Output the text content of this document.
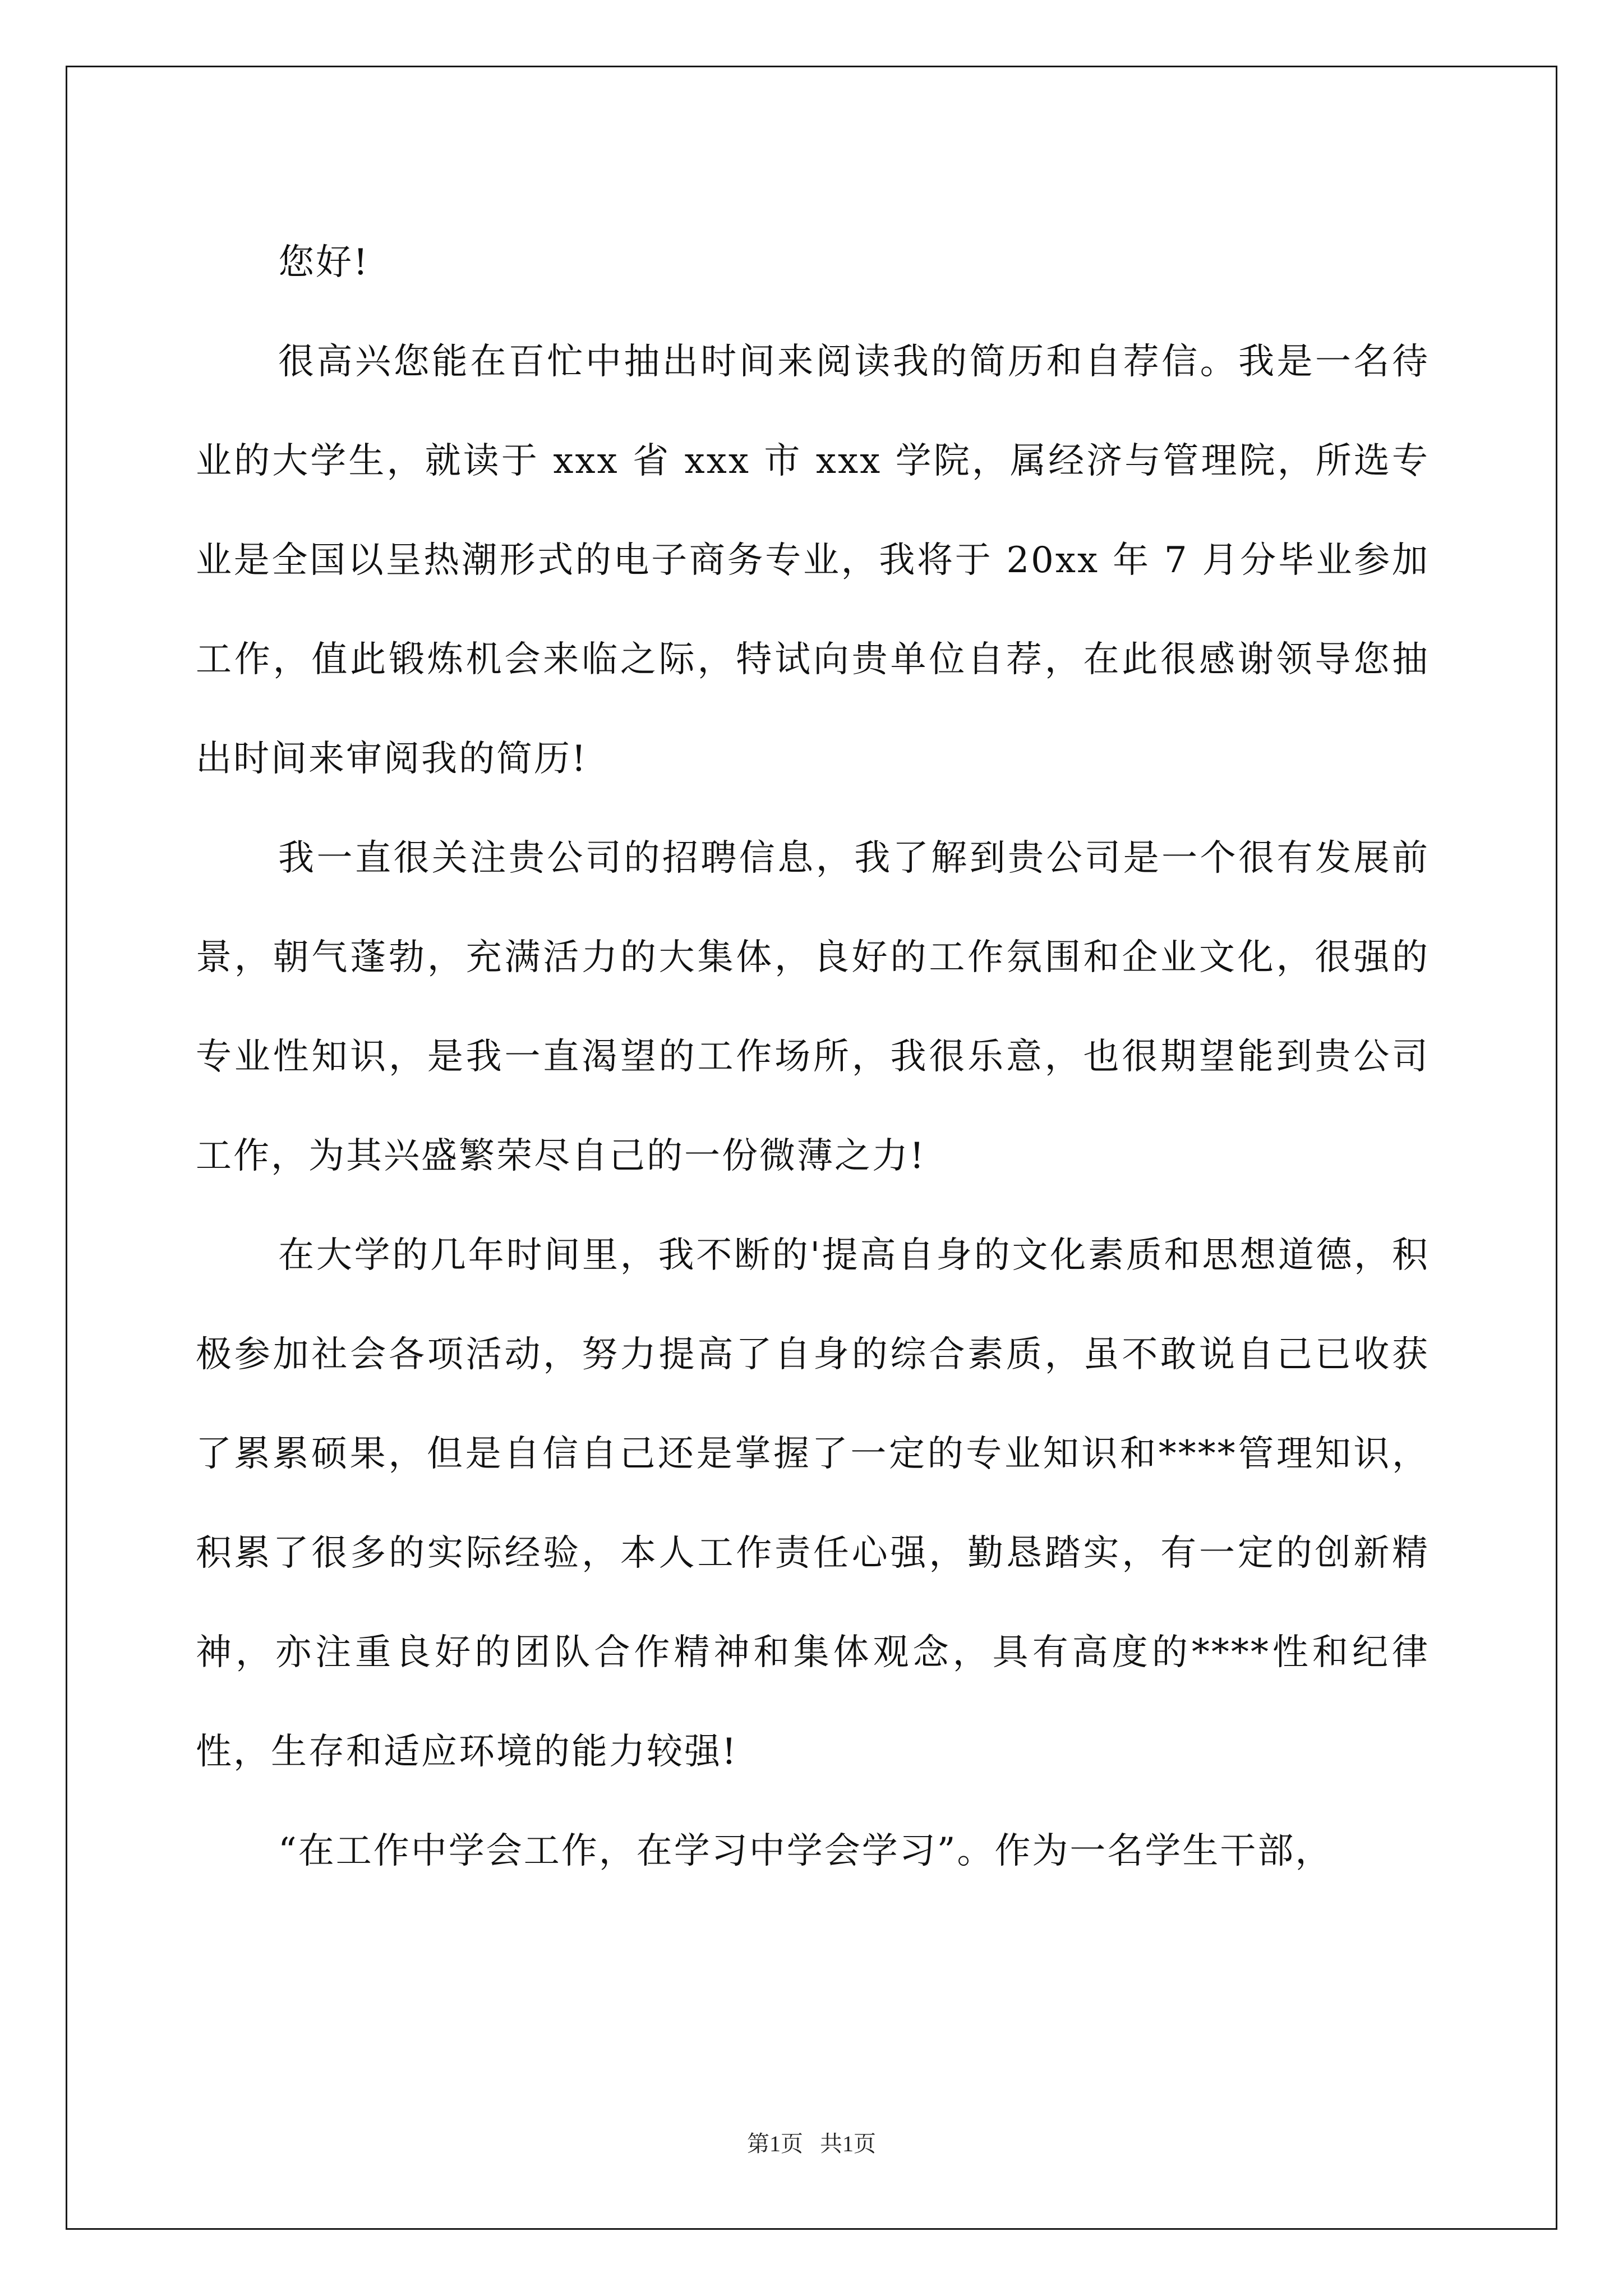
您好!

很高兴您能在百忙中抽出时间来阅读我的简历和自荐信。我是一名待业的大学生，就读于 xxx 省 xxx 市 xxx 学院，属经济与管理院，所选专业是全国以呈热潮形式的电子商务专业，我将于 20xx 年 7 月分毕业参加工作，值此锻炼机会来临之际，特试向贵单位自荐，在此很感谢领导您抽出时间来审阅我的简历!

我一直很关注贵公司的招聘信息，我了解到贵公司是一个很有发展前景，朝气蓬勃，充满活力的大集体，良好的工作氛围和企业文化，很强的专业性知识，是我一直渴望的工作场所，我很乐意，也很期望能到贵公司工作，为其兴盛繁荣尽自己的一份微薄之力!

在大学的几年时间里，我不断的'提高自身的文化素质和思想道德，积极参加社会各项活动，努力提高了自身的综合素质，虽不敢说自己已收获了累累硕果，但是自信自己还是掌握了一定的专业知识和****管理知识，积累了很多的实际经验，本人工作责任心强，勤恳踏实，有一定的创新精神，亦注重良好的团队合作精神和集体观念，具有高度的****性和纪律性，生存和适应环境的能力较强!

“在工作中学会工作，在学习中学会学习”。作为一名学生干部，

第1页 共1页
